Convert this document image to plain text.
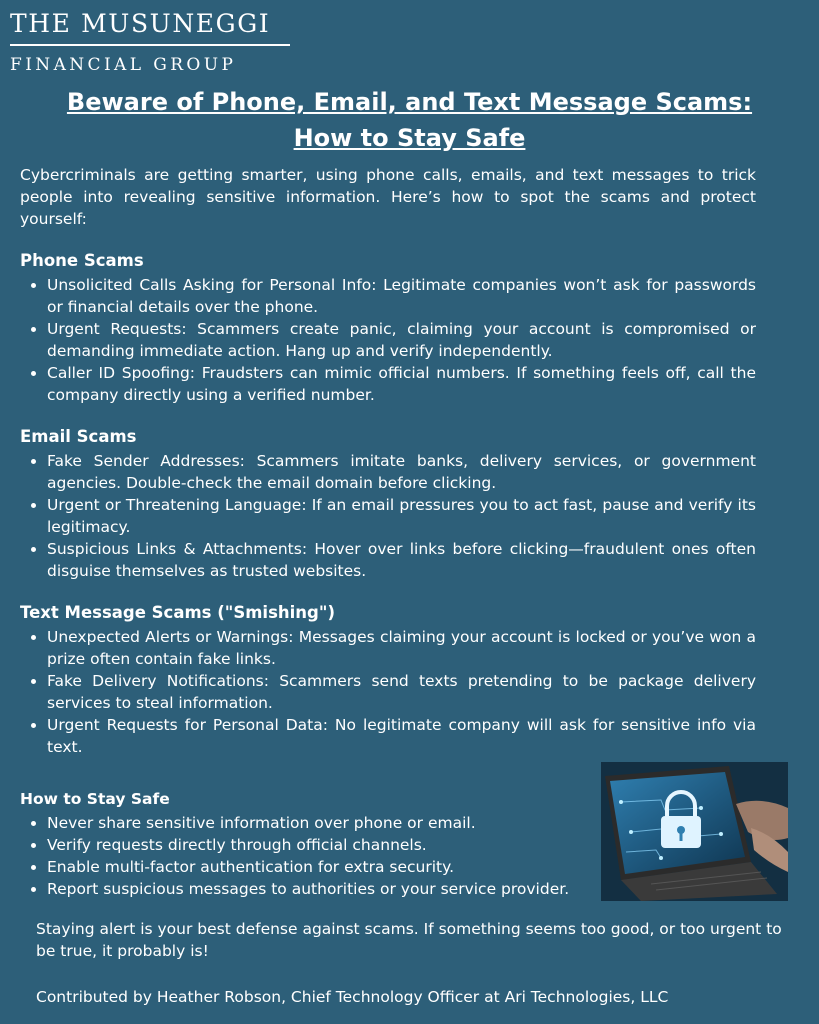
THE MUSUNEGGI
FINANCIAL GROUP
Beware of Phone, Email, and Text Message Scams:
How to Stay Safe

Cybercriminals are getting smarter, using phone calls, emails, and text messages to trick people into revealing sensitive information. Here’s how to spot the scams and protect yourself:

Phone Scams
• Unsolicited Calls Asking for Personal Info: Legitimate companies won’t ask for passwords or financial details over the phone.
• Urgent Requests: Scammers create panic, claiming your account is compromised or demanding immediate action. Hang up and verify independently.
• Caller ID Spoofing: Fraudsters can mimic official numbers. If something feels off, call the company directly using a verified number.
Email Scams
• Fake Sender Addresses: Scammers imitate banks, delivery services, or government agencies. Double-check the email domain before clicking.
• Urgent or Threatening Language: If an email pressures you to act fast, pause and verify its legitimacy.
• Suspicious Links & Attachments: Hover over links before clicking—fraudulent ones often disguise themselves as trusted websites.
Text Message Scams ("Smishing")
• Unexpected Alerts or Warnings: Messages claiming your account is locked or you’ve won a prize often contain fake links.
• Fake Delivery Notifications: Scammers send texts pretending to be package delivery services to steal information.
• Urgent Requests for Personal Data: No legitimate company will ask for sensitive info via text.
How to Stay Safe
• Never share sensitive information over phone or email.
• Verify requests directly through official channels.
• Enable multi-factor authentication for extra security.
• Report suspicious messages to authorities or your service provider.

Staying alert is your best defense against scams. If something seems too good, or too urgent to be true, it probably is!

Contributed by Heather Robson, Chief Technology Officer at Ari Technologies, LLC
